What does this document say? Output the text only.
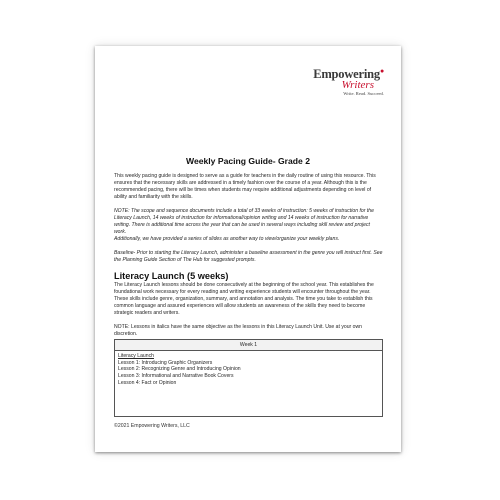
Empowering●
Writers
Write. Read. Succeed.
Weekly Pacing Guide- Grade 2

This weekly pacing guide is designed to serve as a guide for teachers in the daily routine of using this resource. This ensures that the necessary skills are addressed in a timely fashion over the course of a year. Although this is the recommended pacing, there will be times when students may require additional adjustments depending on level of ability and familiarity with the skills.

NOTE: The scope and sequence documents include a total of 33 weeks of instruction: 5 weeks of instruction for the Literacy Launch, 14 weeks of instruction for informational/opinion writing and 14 weeks of instruction for narrative writing. There is additional time across the year that can be used in several ways including skill review and project work.
Additionally, we have provided a series of slides as another way to view/organize your weekly plans.

Baseline- Prior to starting the Literacy Launch, administer a baseline assessment in the genre you will instruct first. See the Planning Guide Section of The Hub for suggested prompts.

Literacy Launch (5 weeks)

The Literacy Launch lessons should be done consecutively at the beginning of the school year. This establishes the foundational work necessary for every reading and writing experience students will encounter throughout the year. These skills include genre, organization, summary, and annotation and analysis. The time you take to establish this common language and assured experiences will allow students an awareness of the skills they need to become strategic readers and writers.

NOTE: Lessons in italics have the same objective as the lessons in this Literacy Launch Unit. Use at your own discretion.

Week 1

Literacy Launch
Lesson 1: Introducing Graphic Organizers
Lesson 2: Recognizing Genre and Introducing Opinion
Lesson 3: Informational and Narrative Book Covers
Lesson 4: Fact or Opinion
©2021 Empowering Writers, LLC
